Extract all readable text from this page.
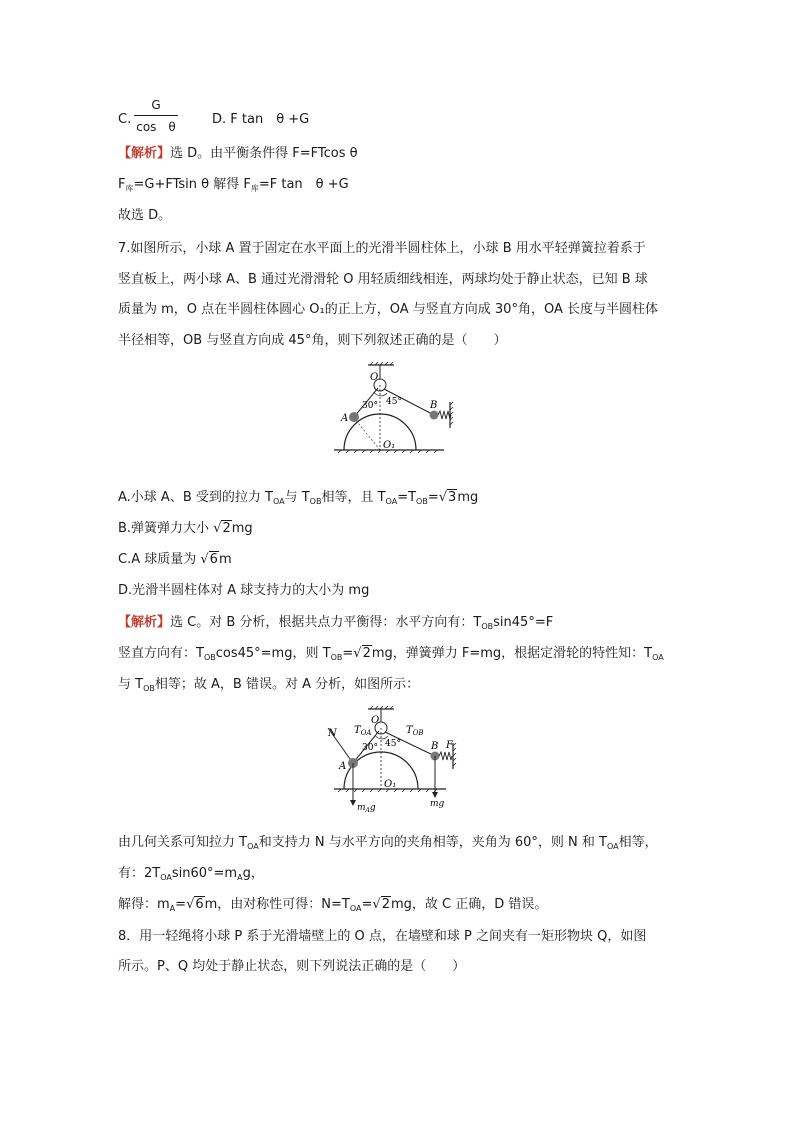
C.
G
cos　θ	D. F tan　θ +G
【解析】选 D。由平衡条件得 F=FTcos θ
$F_库=G+FTsin$ θ 解得 $F_库=F$ tan　θ +G
故选 D。
7.如图所示，小球 A 置于固定在水平面上的光滑半圆柱体上，小球 B 用水平轻弹簧拉着系于
竖直板上，两小球 A、B 通过光滑滑轮 O 用轻质细线相连，两球均处于静止状态，已知 B 球
质量为 m，O 点在半圆柱体圆心 O₁的正上方，OA 与竖直方向成 30°角，OA 长度与半圆柱体
半径相等，OB 与竖直方向成 45°角，则下列叙述正确的是（　　）
O
A
B
O₁
30° 45°
A.小球 A、B 受到的拉力 $T_{OA}$与 $T_{OB}$相等，且 $T_{OA}=T_{OB}=√3mg$
B.弹簧弹力大小 √2mg
C.A 球质量为 √6m
D.光滑半圆柱体对 A 球支持力的大小为 mg
【解析】选 C。对 B 分析，根据共点力平衡得：水平方向有：$T_{OB}\sin 45^\circ=F$
竖直方向有：$T_{OB}\cos 45^\circ=mg$，则 $T_{OB}=√2mg$，弹簧弹力 F=mg，根据定滑轮的特性知：$T_{OA}$
与 $T_{OB}$相等；故 A，B 错误。对 A 分析，如图所示：
N $T_{OA}$	$T_{OB}$
O
A
B F
O₁
30° 45°
$m_Ag$	mg
由几何关系可知拉力 $T_{OA}$和支持力 N 与水平方向的夹角相等，夹角为 60°，则 N 和 $T_{OA}$相等，
有：$2T_{OA}\sin 60^\circ=m_Ag$，
解得：$m_A=√6m$，由对称性可得：$N=T_{OA}=√2mg$，故 C 正确，D 错误。
8．用一轻绳将小球 P 系于光滑墙壁上的 O 点，在墙壁和球 P 之间夹有一矩形物块 Q，如图
所示。P、Q 均处于静止状态，则下列说法正确的是（　　）
